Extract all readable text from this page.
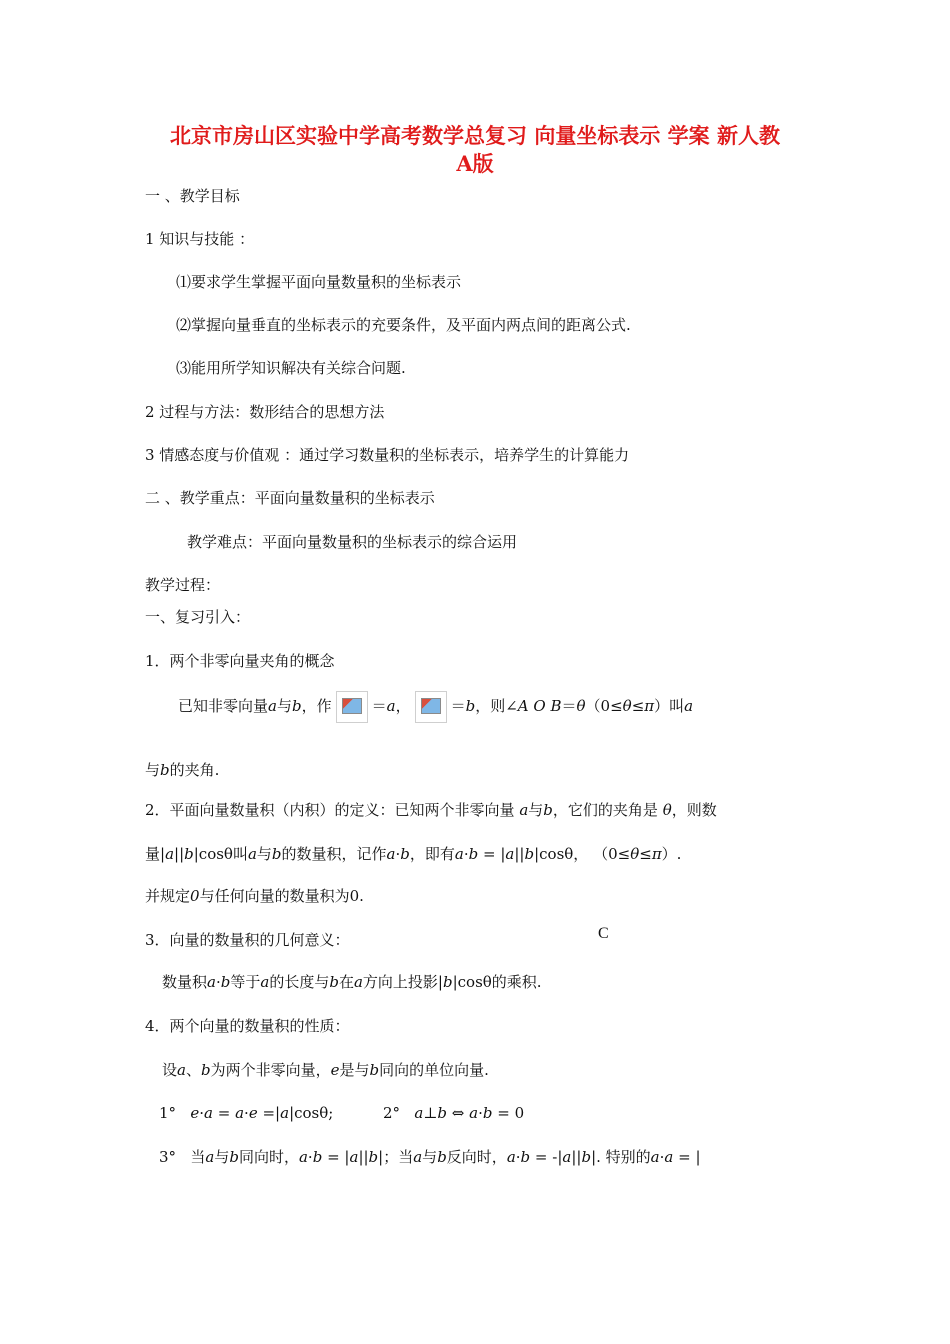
北京市房山区实验中学高考数学总复习 向量坐标表示 学案 新人教
A版
一 、教学目标
1 知识与技能 ：
⑴要求学生掌握平面向量数量积的坐标表示
⑵掌握向量垂直的坐标表示的充要条件，及平面内两点间的距离公式.
⑶能用所学知识解决有关综合问题.
2 过程与方法：数形结合的思想方法
3 情感态度与价值观 ：通过学习数量积的坐标表示，培养学生的计算能力
二 、教学重点：平面向量数量积的坐标表示
教学难点：平面向量数量积的坐标表示的综合运用
教学过程：
一、复习引入：
1．两个非零向量夹角的概念
已知非零向量a与b，作	＝a，	＝b，则∠A O B＝θ（0≤θ≤π）叫a
与b的夹角.
2．平面向量数量积（内积）的定义：已知两个非零向量 a与b，它们的夹角是 θ，则数
量|a||b|cosθ叫a与b的数量积，记作a·b，即有a·b = |a||b|cosθ， （0≤θ≤π）.
并规定0与任何向量的数量积为0.
3．向量的数量积的几何意义：	C
数量积a·b等于a的长度与b在a方向上投影|b|cosθ的乘积.
4．两个向量的数量积的性质：
设a、b为两个非零向量，e是与b同向的单位向量.
1° e·a = a·e =|a|cosθ;	2° a⊥b ⇔ a·b = 0
3° 当a与b同向时，a·b = |a||b|；当a与b反向时，a·b = -|a||b|. 特别的a·a = |
